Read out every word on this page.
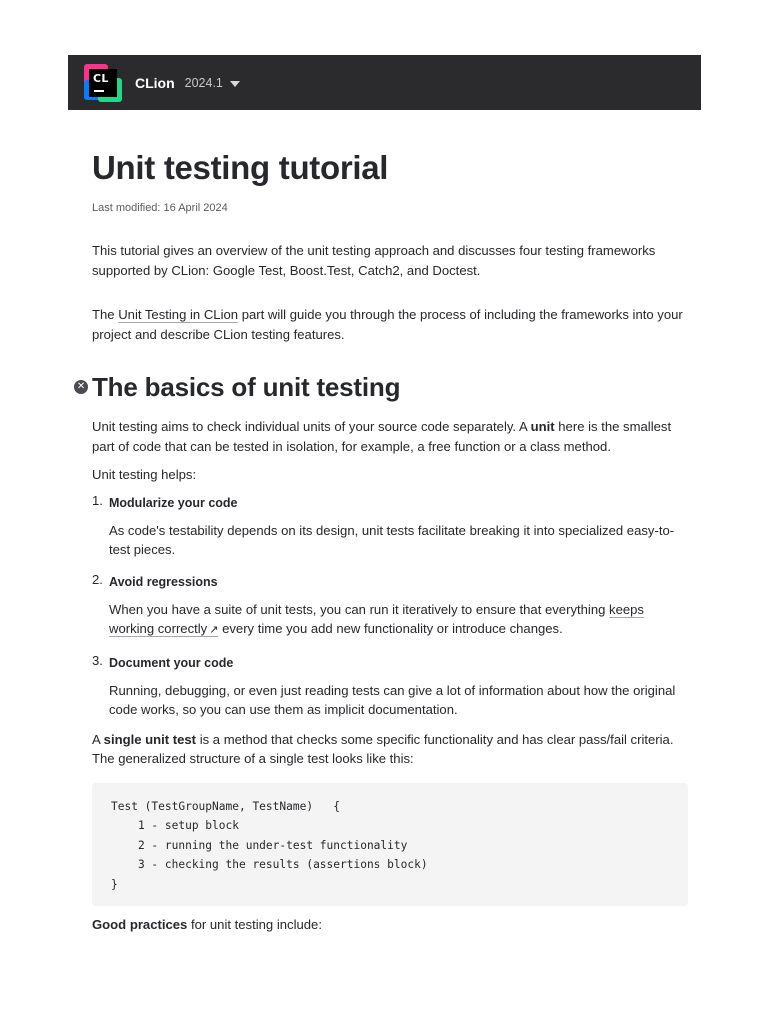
CL CLion 2024.1
Unit testing tutorial
Last modified: 16 April 2024

This tutorial gives an overview of the unit testing approach and discusses four testing frameworks supported by CLion: Google Test, Boost.Test, Catch2, and Doctest.

The Unit Testing in CLion part will guide you through the process of including the frameworks into your project and describe CLion testing features.

✕ The basics of unit testing

Unit testing aims to check individual units of your source code separately. A unit here is the smallest part of code that can be tested in isolation, for example, a free function or a class method.

Unit testing helps:

1. Modularize your code
As code's testability depends on its design, unit tests facilitate breaking it into specialized easy-to-test pieces.
2. Avoid regressions
When you have a suite of unit tests, you can run it iteratively to ensure that everything keeps working correctly ↗ every time you add new functionality or introduce changes.
3. Document your code
Running, debugging, or even just reading tests can give a lot of information about how the original code works, so you can use them as implicit documentation.

A single unit test is a method that checks some specific functionality and has clear pass/fail criteria. The generalized structure of a single test looks like this:

Test (TestGroupName, TestName)   {
1 - setup block
2 - running the under-test functionality
3 - checking the results (assertions block)
}

Good practices for unit testing include:
